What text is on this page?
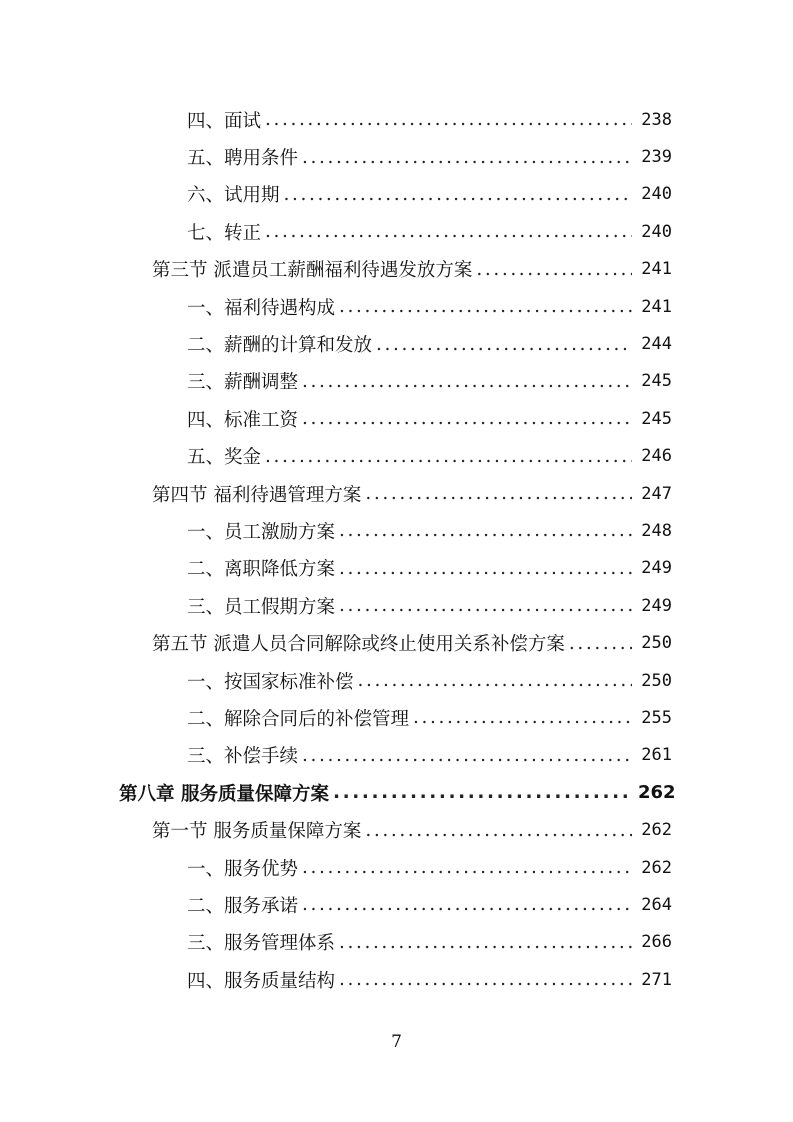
四、面试 .....	238
五、聘用条件 .....	239
六、试用期 .....	240
七、转正 .....	240
第三节 派遣员工薪酬福利待遇发放方案 .....	241
一、福利待遇构成 .....	241
二、薪酬的计算和发放 .....	244
三、薪酬调整 .....	245
四、标准工资 .....	245
五、奖金 .....	246
第四节 福利待遇管理方案 .....	247
一、员工激励方案 .....	248
二、离职降低方案 .....	249
三、员工假期方案 .....	249
第五节 派遣人员合同解除或终止使用关系补偿方案 .....	250
一、按国家标准补偿 .....	250
二、解除合同后的补偿管理 .....	255
三、补偿手续 .....	261
第八章 服务质量保障方案 .....	262
第一节 服务质量保障方案 .....	262
一、服务优势 .....	262
二、服务承诺 .....	264
三、服务管理体系 .....	266
四、服务质量结构 .....	271
7
